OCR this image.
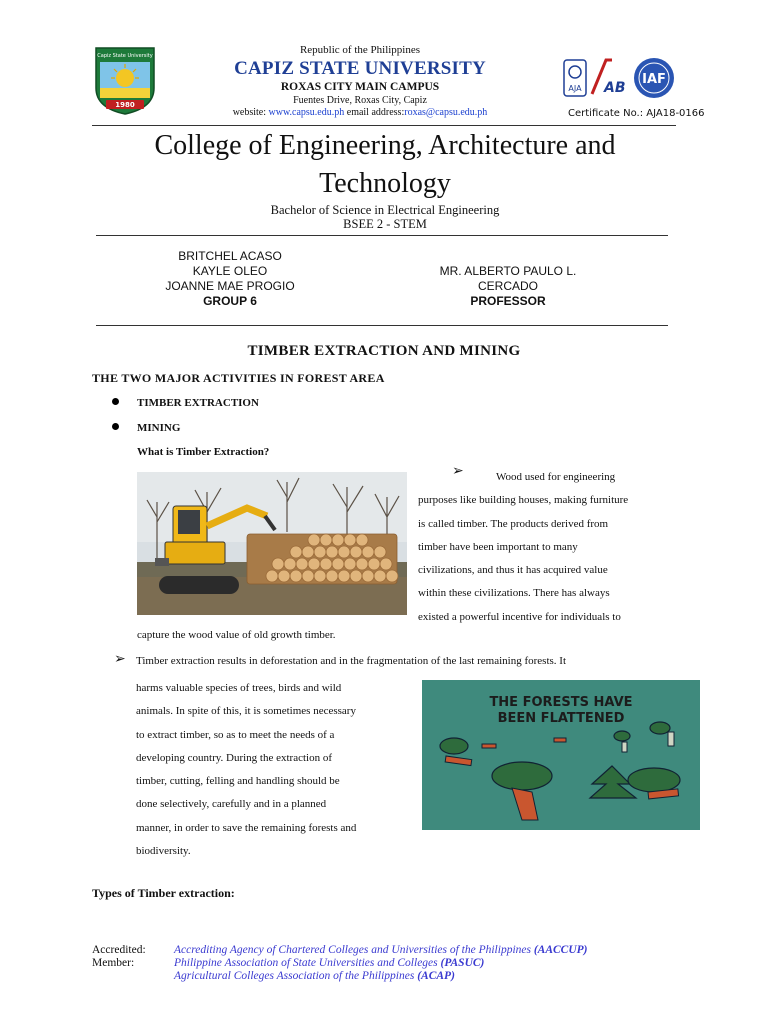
Capiz State University
1980
Republic of the Philippines
CAPIZ STATE UNIVERSITY
ROXAS CITY MAIN CAMPUS
Fuentes Drive, Roxas City, Capiz
website: www.capsu.edu.ph email address:roxas@capsu.edu.ph
AJA AB
IAF
Certificate No.: AJA18-0166
College of Engineering, Architecture and Technology
Bachelor of Science in Electrical Engineering
BSEE 2 - STEM
BRITCHEL ACASO
KAYLE OLEO
JOANNE MAE PROGIO
GROUP 6
MR. ALBERTO PAULO L. CERCADO
PROFESSOR
TIMBER EXTRACTION AND MINING
THE TWO MAJOR ACTIVITIES IN FOREST AREA
TIMBER EXTRACTION
MINING
What is Timber Extraction?
➢	Wood used for engineering
purposes like building houses, making furniture
is called timber. The products derived from
timber have been important to many
civilizations, and thus it has acquired value
within these civilizations. There has always
existed a powerful incentive for individuals to
capture the wood value of old growth timber.
➢ Timber extraction results in deforestation and in the fragmentation of the last remaining forests. It
harms valuable species of trees, birds and wild
animals. In spite of this, it is sometimes necessary
to extract timber, so as to meet the needs of a
developing country. During the extraction of
timber, cutting, felling and handling should be
done selectively, carefully and in a planned
manner, in order to save the remaining forests and
biodiversity.
THE FORESTS HAVE
BEEN FLATTENED
Types of Timber extraction:
Accredited: Accrediting Agency of Chartered Colleges and Universities of the Philippines (AACCUP)
Member:	Philippine Association of State Universities and Colleges (PASUC)
Agricultural Colleges Association of the Philippines (ACAP)
